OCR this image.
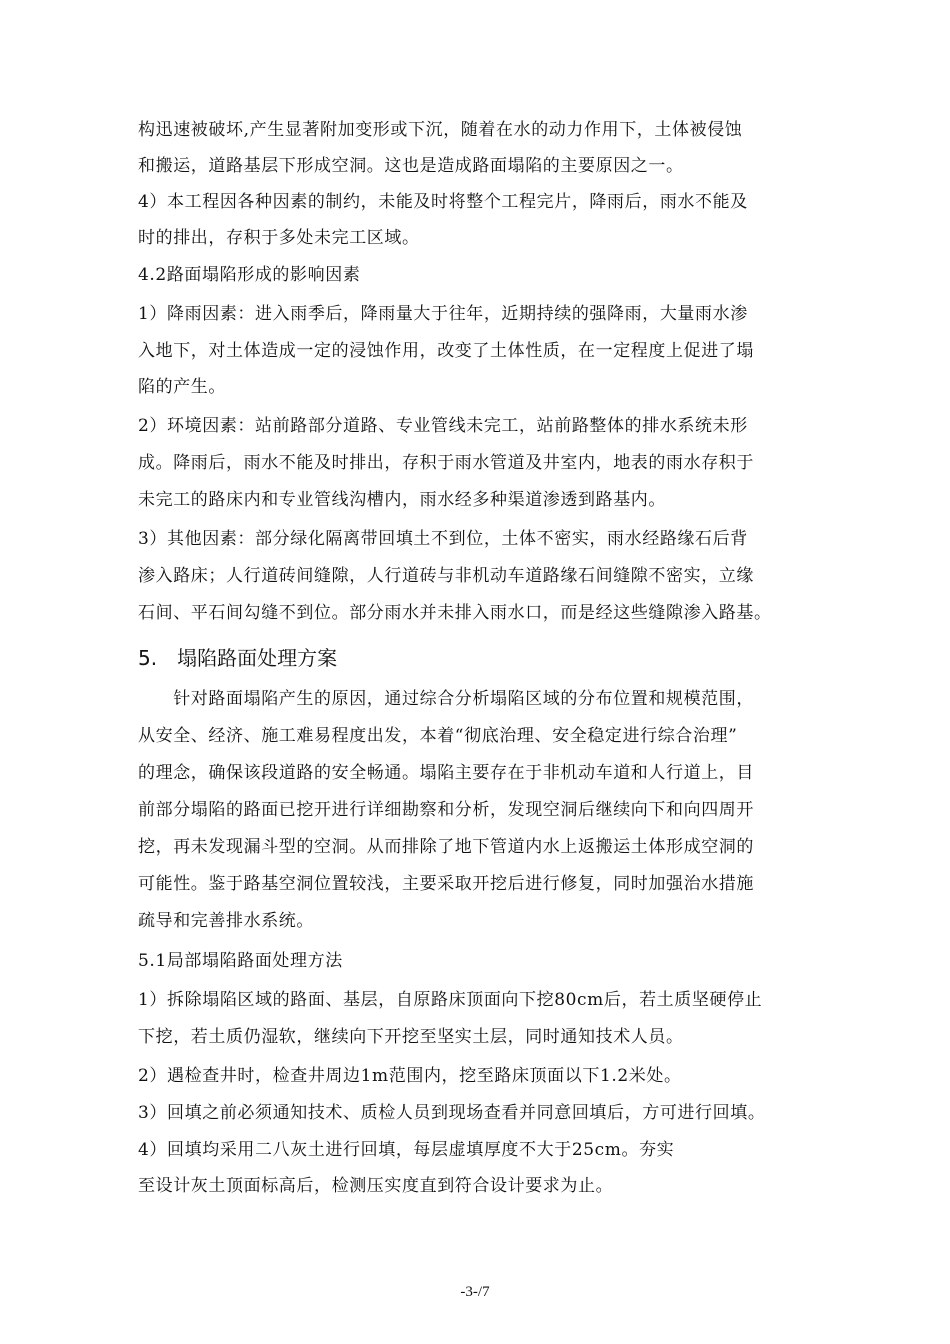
构迅速被破坏,产生显著附加变形或下沉，随着在水的动力作用下，土体被侵蚀
和搬运，道路基层下形成空洞。这也是造成路面塌陷的主要原因之一。
4）本工程因各种因素的制约，未能及时将整个工程完片，降雨后，雨水不能及
时的排出，存积于多处未完工区域。
4.2路面塌陷形成的影响因素
1）降雨因素：进入雨季后，降雨量大于往年，近期持续的强降雨，大量雨水渗
入地下，对土体造成一定的浸蚀作用，改变了土体性质，在一定程度上促进了塌
陷的产生。
2）环境因素：站前路部分道路、专业管线未完工，站前路整体的排水系统未形
成。降雨后，雨水不能及时排出，存积于雨水管道及井室内，地表的雨水存积于
未完工的路床内和专业管线沟槽内，雨水经多种渠道渗透到路基内。
3）其他因素：部分绿化隔离带回填土不到位，土体不密实，雨水经路缘石后背
渗入路床；人行道砖间缝隙，人行道砖与非机动车道路缘石间缝隙不密实，立缘
石间、平石间勾缝不到位。部分雨水并未排入雨水口，而是经这些缝隙渗入路基。
5.　塌陷路面处理方案
　　针对路面塌陷产生的原因，通过综合分析塌陷区域的分布位置和规模范围，
从安全、经济、施工难易程度出发，本着“彻底治理、安全稳定进行综合治理”
的理念，确保该段道路的安全畅通。塌陷主要存在于非机动车道和人行道上，目
前部分塌陷的路面已挖开进行详细勘察和分析，发现空洞后继续向下和向四周开
挖，再未发现漏斗型的空洞。从而排除了地下管道内水上返搬运土体形成空洞的
可能性。鉴于路基空洞位置较浅，主要采取开挖后进行修复，同时加强治水措施
疏导和完善排水系统。
5.1局部塌陷路面处理方法
1）拆除塌陷区域的路面、基层，自原路床顶面向下挖80cm后，若土质坚硬停止
下挖，若土质仍湿软，继续向下开挖至坚实土层，同时通知技术人员。
2）遇检查井时，检查井周边1m范围内，挖至路床顶面以下1.2米处。
3）回填之前必须通知技术、质检人员到现场查看并同意回填后，方可进行回填。
4）回填均采用二八灰土进行回填，每层虚填厚度不大于25cm。夯实
至设计灰土顶面标高后，检测压实度直到符合设计要求为止。
-3-/7
